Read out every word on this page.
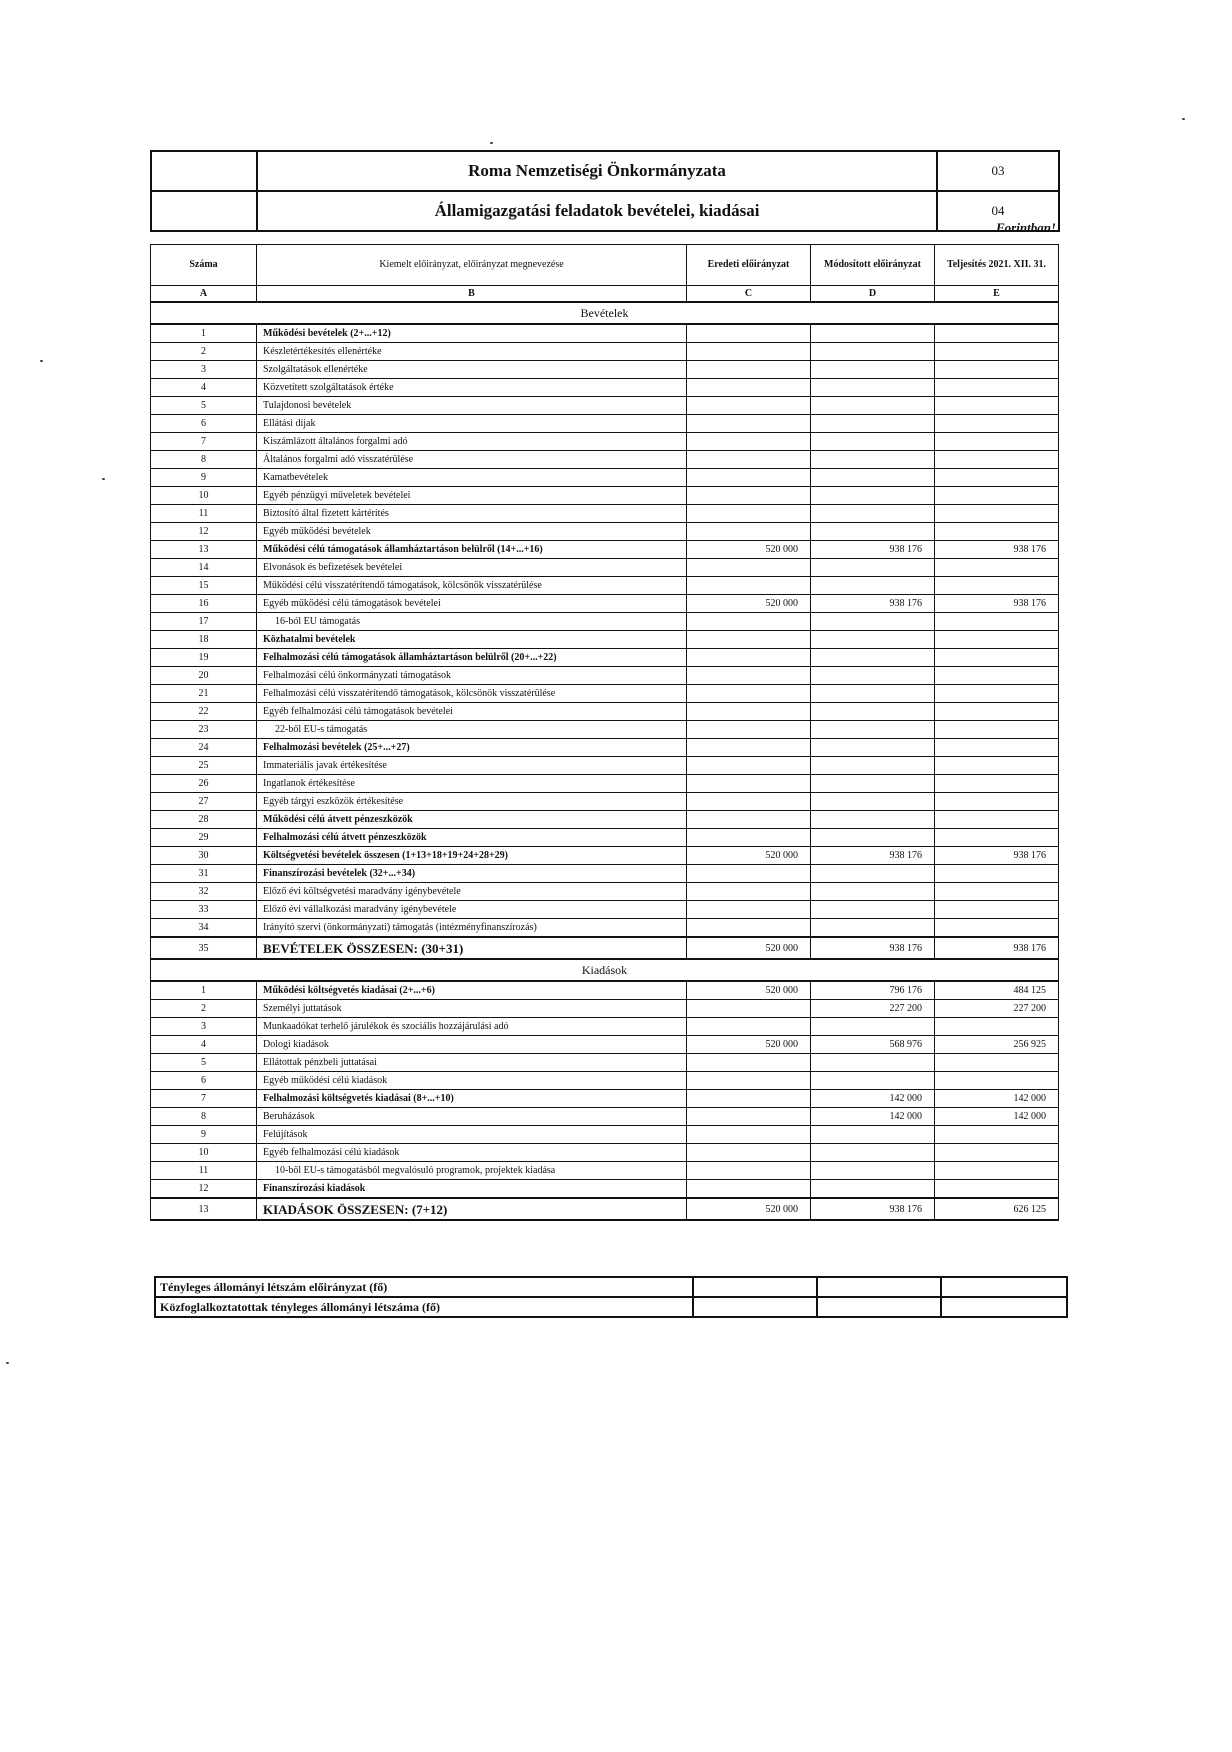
	Roma Nemzetiségi Önkormányzata	03
	Államigazgatási feladatok bevételei, kiadásai	04
Forintban!
Száma	Kiemelt előirányzat, előirányzat megnevezése	Eredeti előirányzat	Módosított előirányzat	Teljesítés 2021. XII. 31.
A	B	C	D	E
Bevételek				
1	Működési bevételek (2+...+12)			
2	Készletértékesítés ellenértéke			
3	Szolgáltatások ellenértéke			
4	Közvetített szolgáltatások értéke			
5	Tulajdonosi bevételek			
6	Ellátási díjak			
7	Kiszámlázott általános forgalmi adó			
8	Általános forgalmi adó visszatérülése			
9	Kamatbevételek			
10	Egyéb pénzügyi műveletek bevételei			
11	Biztosító által fizetett kártérítés			
12	Egyéb működési bevételek			
13	Működési célú támogatások államháztartáson belülről (14+...+16)	520 000	938 176	938 176
14	Elvonások és befizetések bevételei			
15	Működési célú visszatérítendő támogatások, kölcsönök visszatérülése			
16	Egyéb működési célú támogatások bevételei	520 000	938 176	938 176
17	16-ból EU támogatás			
18	Közhatalmi bevételek			
19	Felhalmozási célú támogatások államháztartáson belülről (20+...+22)			
20	Felhalmozási célú önkormányzati támogatások			
21	Felhalmozási célú visszatérítendő támogatások, kölcsönök visszatérülése			
22	Egyéb felhalmozási célú támogatások bevételei			
23	22-ből EU-s támogatás			
24	Felhalmozási bevételek (25+...+27)			
25	Immateriális javak értékesítése			
26	Ingatlanok értékesítése			
27	Egyéb tárgyi eszközök értékesítése			
28	Működési célú átvett pénzeszközök			
29	Felhalmozási célú átvett pénzeszközök			
30	Költségvetési bevételek összesen (1+13+18+19+24+28+29)	520 000	938 176	938 176
31	Finanszírozási bevételek (32+...+34)			
32	Előző évi költségvetési maradvány igénybevétele			
33	Előző évi vállalkozási maradvány igénybevétele			
34	Irányító szervi (önkormányzati) támogatás (intézményfinanszírozás)			
35	BEVÉTELEK ÖSSZESEN: (30+31)	520 000	938 176	938 176
Kiadások				
1	Működési költségvetés kiadásai (2+...+6)	520 000	796 176	484 125
2	Személyi juttatások		227 200	227 200
3	Munkaadókat terhelő járulékok és szociális hozzájárulási adó			
4	Dologi kiadások	520 000	568 976	256 925
5	Ellátottak pénzbeli juttatásai			
6	Egyéb működési célú kiadások			
7	Felhalmozási költségvetés kiadásai (8+...+10)		142 000	142 000
8	Beruházások		142 000	142 000
9	Felújítások			
10	Egyéb felhalmozási célú kiadások			
11	10-ből EU-s támogatásból megvalósuló programok, projektek kiadása			
12	Finanszírozási kiadások			
13	KIADÁSOK ÖSSZESEN: (7+12)	520 000	938 176	626 125
Tényleges állományi létszám előirányzat (fő)			
Közfoglalkoztatottak tényleges állományi létszáma (fő)			
